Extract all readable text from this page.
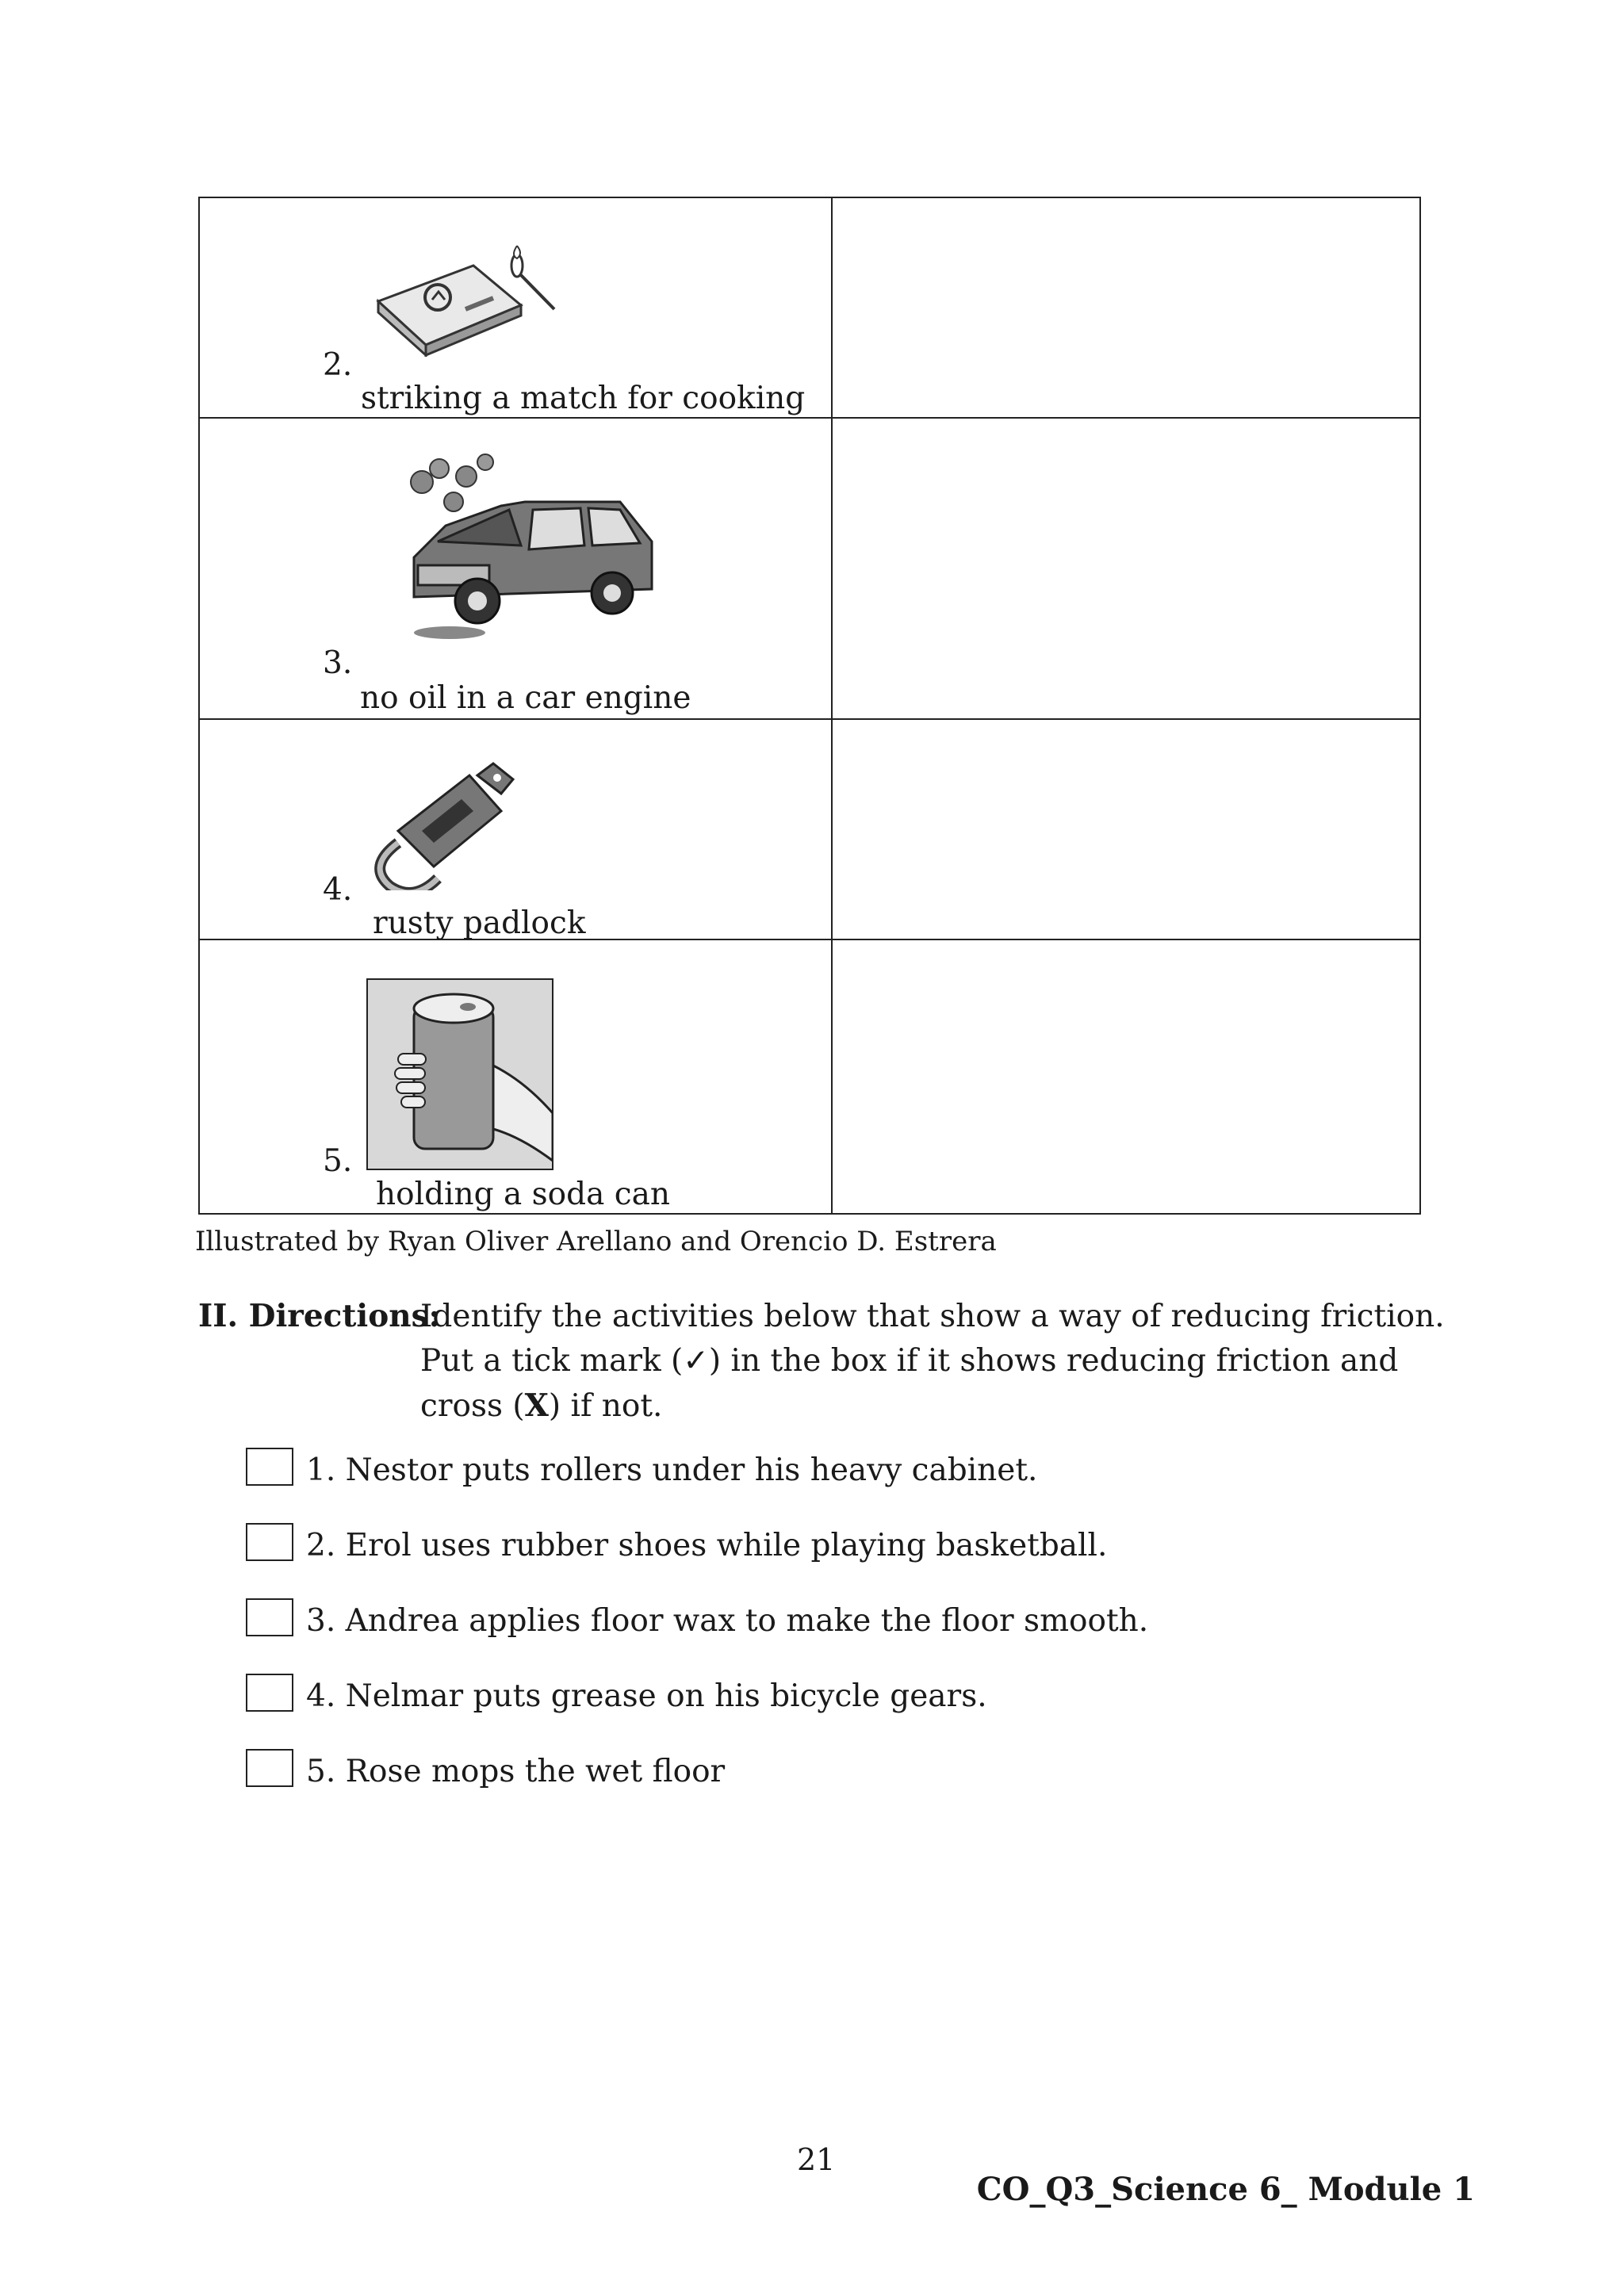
2.
striking a match for cooking	

3.
no oil in a car engine	

4.
rusty padlock	

5.
holding a soda can	

Illustrated by Ryan Oliver Arellano and Orencio D. Estrera
II. Directions:
Identify the activities below that show a way of reducing friction. Put a tick mark (✓) in the box if it shows reducing friction and cross (X) if not.
1. Nestor puts rollers under his heavy cabinet.
2. Erol uses rubber shoes while playing basketball.
3. Andrea applies floor wax to make the floor smooth.
4. Nelmar puts grease on his bicycle gears.
5. Rose mops the wet floor
21
CO_Q3_Science 6_ Module 1
